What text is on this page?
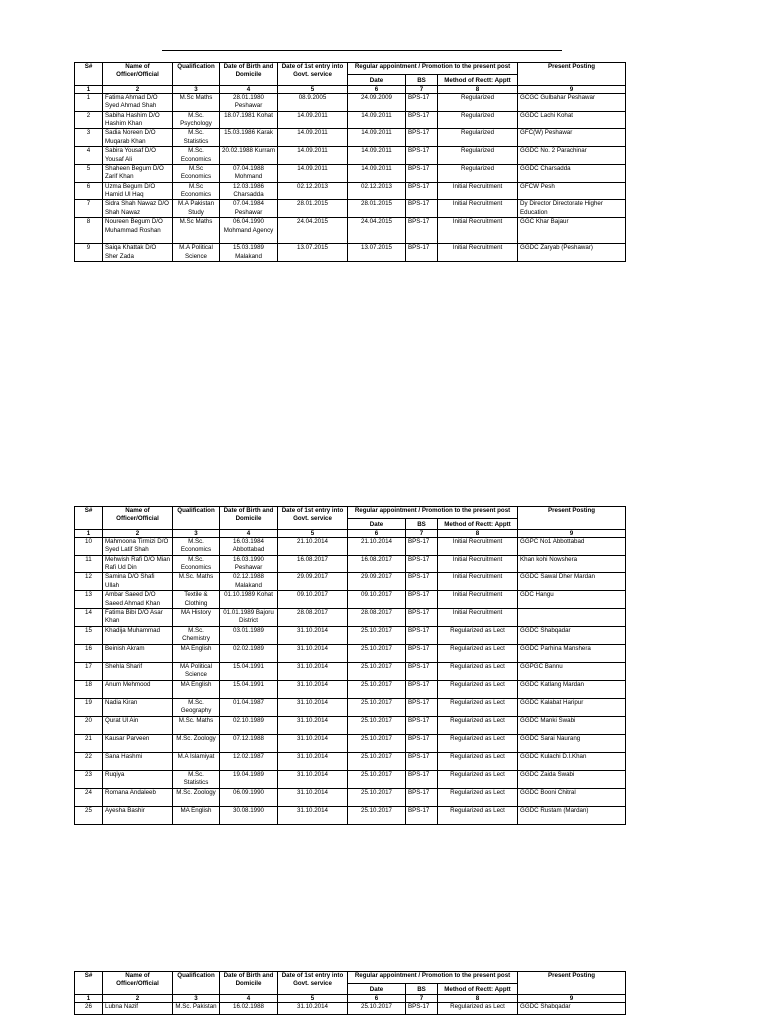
S#	Name of Officer/Official	Qualification	Date of Birth and Domicile	Date of 1st entry into Govt. service	Regular appointment / Promotion to the present post			Present Posting
					Date	BS	Method of Rectt: Apptt	
1	2	3	4	5	6	7	8	9
1	Fatima Ahmad D/O Syed Ahmad Shah	M.Sc Maths	28.01.1980 Peshawar	08.9.2005	24.09.2009	BPS-17	Regularized	GCGC Gulbahar Peshawar
2	Sabiha Hashim D/O Hashim Khan	M.Sc. Psychology	18.07.1981 Kohat	14.09.2011	14.09.2011	BPS-17	Regularized	GGDC Lachi Kohat
3	Sadia Noreen D/O Muqarab Khan	M.Sc. Statistics	15.03.1986 Karak	14.09.2011	14.09.2011	BPS-17	Regularized	GFC(W) Peshawar
4	Sabira Yousaf D/O Yousaf Ali	M.Sc. Economics	20.02.1988 Kurram	14.09.2011	14.09.2011	BPS-17	Regularized	GGDC No. 2 Parachinar
5	Shaheen Begum D/O Zarif Khan	M.Sc Economics	07.04.1988 Mohmand	14.09.2011	14.09.2011	BPS-17	Regularized	GGDC Charsadda
6	Uzma Begum D/O Hamid Ul Haq	M.Sc Economics	12.03.1986 Charsadda	02.12.2013	02.12.2013	BPS-17	Initial Recruitment	GFCW Pesh
7	Sidra Shah Nawaz D/O Shah Nawaz	M.A Pakistan Study	07.04.1984 Peshawar	28.01.2015	28.01.2015	BPS-17	Initial Recruitment	Dy Director Directorate Higher Education
8	Noureen Begum D/O Muhammad Roshan	M.Sc Maths	06.04.1990 Mohmand Agency	24.04.2015	24.04.2015	BPS-17	Initial Recruitment	GGC Khar Bajaur
9	Saiqa Khattak D/O Sher Zada	M.A Political Science	15.03.1989 Malakand	13.07.2015	13.07.2015	BPS-17	Initial Recruitment	GGDC Zaryab (Peshawar)
S#	Name of Officer/Official	Qualification	Date of Birth and Domicile	Date of 1st entry into Govt. service	Regular appointment / Promotion to the present post			Present Posting
					Date	BS	Method of Rectt: Apptt	
1	2	3	4	5	6	7	8	9
10	Mahmoona Tirmizi D/O Syed Latif Shah	M.Sc. Economics	16.03.1984 Abbottabad	21.10.2014	21.10.2014	BPS-17	Initial Recruitment	GGPC No1 Abbottabad
11	Mehwish Rafi D/O Mian Rafi Ud Din	M.Sc. Economics	16.03.1990 Peshawar	16.08.2017	16.08.2017	BPS-17	Initial Recruitment	Khan kohi Nowshera
12	Samina D/O Shafi Ullah	M.Sc. Maths	02.12.1988 Malakand	29.09.2017	29.09.2017	BPS-17	Initial Recruitment	GGDC Sawal Dher Mardan
13	Ambar Saeed D/O Saeed Ahmad Khan	Textile & Clothing	01.10.1989 Kohat	09.10.2017	09.10.2017	BPS-17	Initial Recruitment	GDC Hangu
14	Fatima Bibi D/O Asar Khan	MA History	01.01.1989 Bajoru District	28.08.2017	28.08.2017	BPS-17	Initial Recruitment	
15	Khadija Muhammad	M.Sc. Chemistry	03.01.1989	31.10.2014	25.10.2017	BPS-17	Regularized as Lect	GGDC Shabqadar
16	Beinish Akram	MA English	02.02.1989	31.10.2014	25.10.2017	BPS-17	Regularized as Lect	GGDC Parhina Manshera
17	Shehla Sharif	MA Political Science	15.04.1991	31.10.2014	25.10.2017	BPS-17	Regularized as Lect	GGPGC Bannu
18	Anum Mehmood	MA English	15.04.1991	31.10.2014	25.10.2017	BPS-17	Regularized as Lect	GGDC Katlang Mardan
19	Nadia Kiran	M.Sc. Geography	01.04.1987	31.10.2014	25.10.2017	BPS-17	Regularized as Lect	GGDC Kalabat Haripur
20	Qurat Ul Ain	M.Sc. Maths	02.10.1989	31.10.2014	25.10.2017	BPS-17	Regularized as Lect	GGDC Manki Swabi
21	Kausar Parveen	M.Sc. Zoology	07.12.1988	31.10.2014	25.10.2017	BPS-17	Regularized as Lect	GGDC Sarai Naurang
22	Sana Hashmi	M.A Islamiyat	12.02.1987	31.10.2014	25.10.2017	BPS-17	Regularized as Lect	GGDC Kulachi D.I.Khan
23	Ruqiya	M.Sc. Statistics	19.04.1989	31.10.2014	25.10.2017	BPS-17	Regularized as Lect	GGDC Zaida Swabi
24	Romana Andaleeb	M.Sc. Zoology	06.09.1990	31.10.2014	25.10.2017	BPS-17	Regularized as Lect	GGDC Booni Chitral
25	Ayesha Bashir	MA English	30.08.1990	31.10.2014	25.10.2017	BPS-17	Regularized as Lect	GGDC Rustam (Mardan)
S#	Name of Officer/Official	Qualification	Date of Birth and Domicile	Date of 1st entry into Govt. service	Regular appointment / Promotion to the present post			Present Posting
					Date	BS	Method of Rectt: Apptt	
1	2	3	4	5	6	7	8	9
26	Lubna Nazif	M.Sc. Pakistan	16.02.1988	31.10.2014	25.10.2017	BPS-17	Regularized as Lect	GGDC Shabqadar
